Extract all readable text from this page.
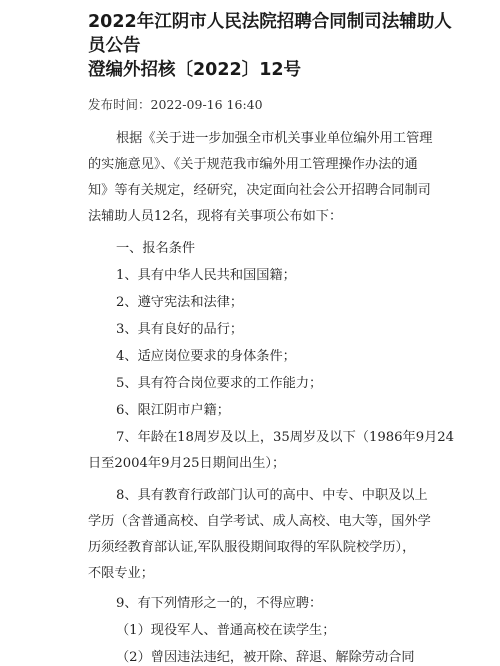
2022年江阴市人民法院招聘合同制司法辅助人
员公告
澄编外招核〔2022〕12号
发布时间：2022-09-16 16:40
根据《关于进一步加强全市机关事业单位编外用工管理
的实施意见》、《关于规范我市编外用工管理操作办法的通
知》等有关规定，经研究，决定面向社会公开招聘合同制司
法辅助人员12名，现将有关事项公布如下：
一、报名条件
1、具有中华人民共和国国籍；
2、遵守宪法和法律；
3、具有良好的品行；
4、适应岗位要求的身体条件；
5、具有符合岗位要求的工作能力；
6、限江阴市户籍；
7、年龄在18周岁及以上，35周岁及以下（1986年9月24
日至2004年9月25日期间出生）；
8、具有教育行政部门认可的高中、中专、中职及以上
学历（含普通高校、自学考试、成人高校、电大等，国外学
历须经教育部认证,军队服役期间取得的军队院校学历），
不限专业；
9、有下列情形之一的，不得应聘：
（1）现役军人、普通高校在读学生；
（2）曾因违法违纪，被开除、辞退、解除劳动合同
